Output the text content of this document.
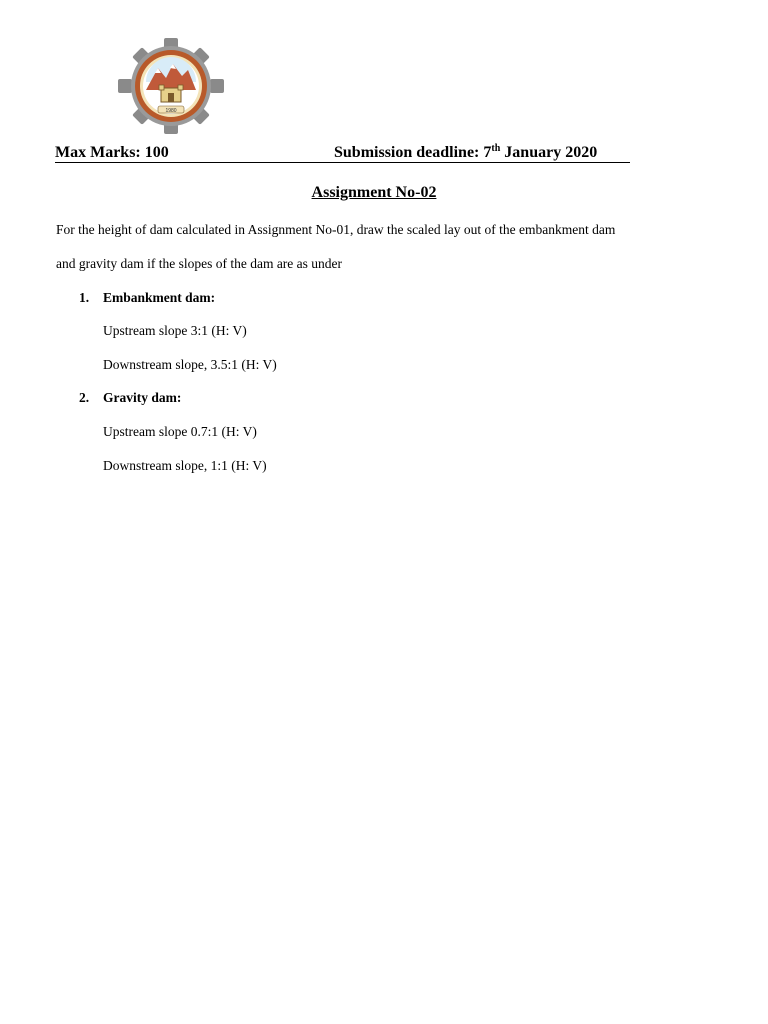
1980
Max Marks: 100	Submission deadline: 7th January 2020
Assignment No-02
For the height of dam calculated in Assignment No-01, draw the scaled lay out of the embankment dam
and gravity dam if the slopes of the dam are as under
1. Embankment dam:
Upstream slope 3:1 (H: V)
Downstream slope, 3.5:1 (H: V)
2. Gravity dam:
Upstream slope 0.7:1 (H: V)
Downstream slope, 1:1 (H: V)
